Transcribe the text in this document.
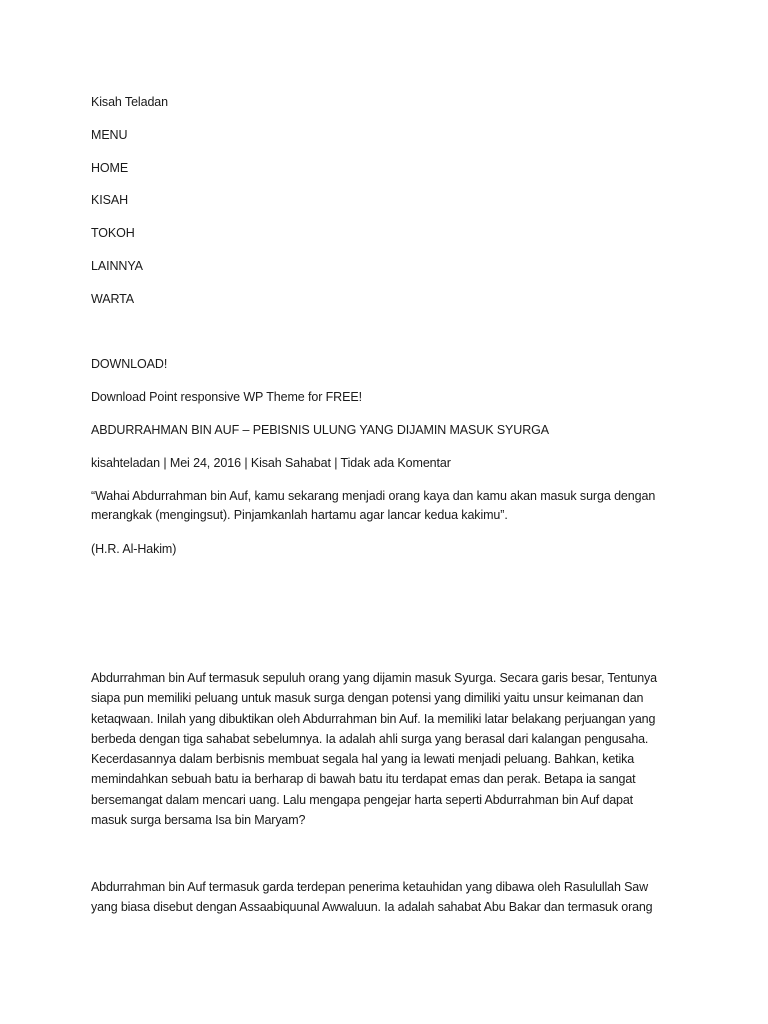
Kisah Teladan
MENU
HOME
KISAH
TOKOH
LAINNYA
WARTA
DOWNLOAD!
Download Point responsive WP Theme for FREE!
ABDURRAHMAN BIN AUF – PEBISNIS ULUNG YANG DIJAMIN MASUK SYURGA
kisahteladan | Mei 24, 2016 | Kisah Sahabat | Tidak ada Komentar
“Wahai Abdurrahman bin Auf, kamu sekarang menjadi orang kaya dan kamu akan masuk surga dengan
merangkak (mengingsut). Pinjamkanlah hartamu agar lancar kedua kakimu”.
(H.R. Al-Hakim)
Abdurrahman bin Auf termasuk sepuluh orang yang dijamin masuk Syurga. Secara garis besar, Tentunya
siapa pun memiliki peluang untuk masuk surga dengan potensi yang dimiliki yaitu unsur keimanan dan
ketaqwaan. Inilah yang dibuktikan oleh Abdurrahman bin Auf. Ia memiliki latar belakang perjuangan yang
berbeda dengan tiga sahabat sebelumnya. Ia adalah ahli surga yang berasal dari kalangan pengusaha.
Kecerdasannya dalam berbisnis membuat segala hal yang ia lewati menjadi peluang. Bahkan, ketika
memindahkan sebuah batu ia berharap di bawah batu itu terdapat emas dan perak. Betapa ia sangat
bersemangat dalam mencari uang. Lalu mengapa pengejar harta seperti Abdurrahman bin Auf dapat
masuk surga bersama Isa bin Maryam?
Abdurrahman bin Auf termasuk garda terdepan penerima ketauhidan yang dibawa oleh Rasulullah Saw
yang biasa disebut dengan Assaabiquunal Awwaluun. Ia adalah sahabat Abu Bakar dan termasuk orang
